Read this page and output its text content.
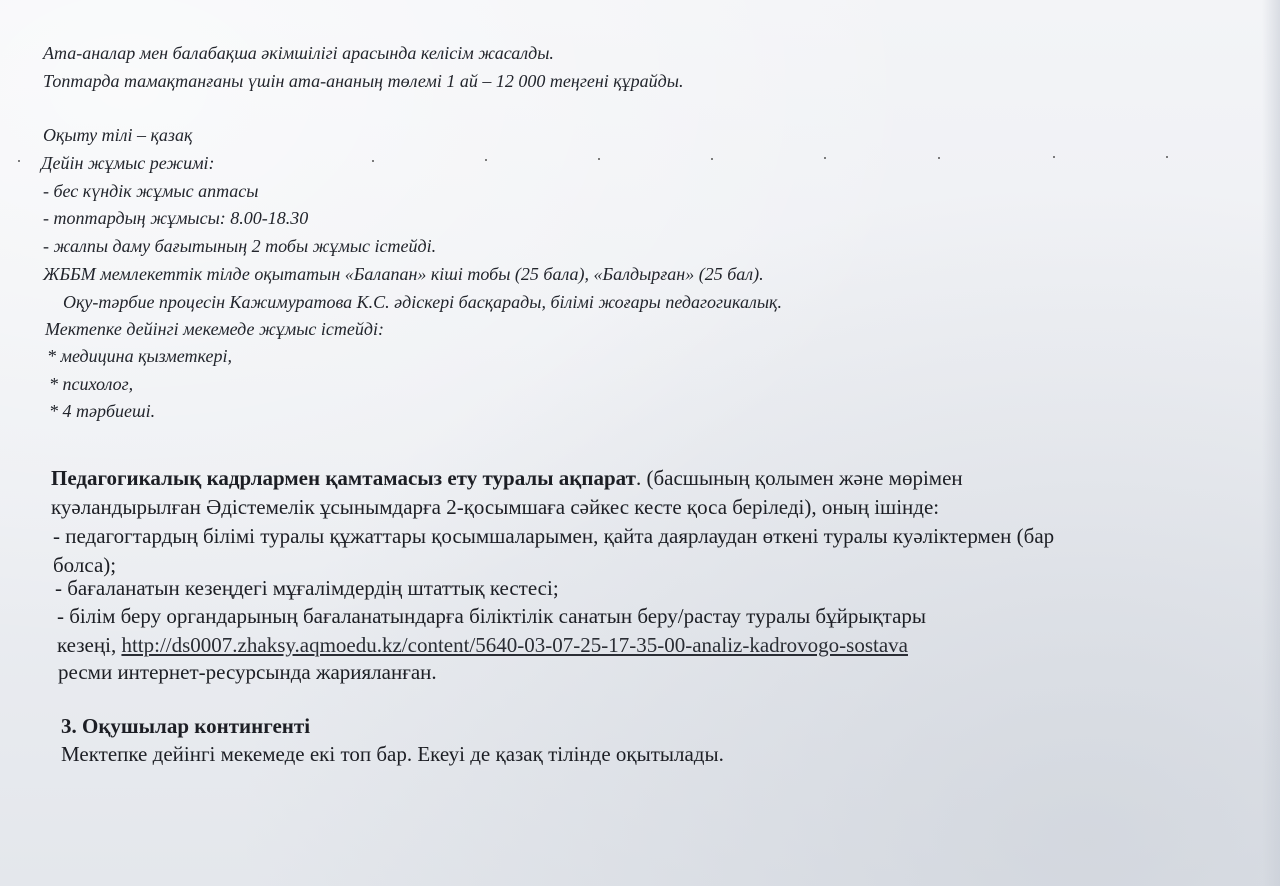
Ата-аналар мен балабақша әкімшілігі арасында келісім жасалды.
Топтарда тамақтанғаны үшін ата-ананың төлемі 1 ай – 12 000 теңгені құрайды.
Оқыту тілі – қазақ
Дейін жұмыс режимі:
- бес күндік жұмыс аптасы
- топтардың жұмысы: 8.00-18.30
- жалпы даму бағытының 2 тобы жұмыс істейді.
ЖББМ мемлекеттік тілде оқытатын «Балапан» кіші тобы (25 бала), «Балдырған» (25 бал).
Оқу-тәрбие процесін Кажимуратова К.С. әдіскері басқарады, білімі жоғары педагогикалық.
Мектепке дейінгі мекемеде жұмыс істейді:
* медицина қызметкері,
* психолог,
* 4 тәрбиеші.
Педагогикалық кадрлармен қамтамасыз ету туралы ақпарат. (басшының қолымен және мөрімен
куәландырылған Әдістемелік ұсынымдарға 2-қосымшаға сәйкес кесте қоса беріледі), оның ішінде:
- педагогтардың білімі туралы құжаттары қосымшаларымен, қайта даярлаудан өткені туралы куәліктермен (бар
болса);
- бағаланатын кезеңдегі мұғалімдердің штаттық кестесі;
- білім беру органдарының бағаланатындарға біліктілік санатын беру/растау туралы бұйрықтары
кезеңі, http://ds0007.zhaksy.aqmoedu.kz/content/5640-03-07-25-17-35-00-analiz-kadrovogo-sostava
ресми интернет-ресурсында жарияланған.
3. Оқушылар контингенті
Мектепке дейінгі мекемеде екі топ бар. Екеуі де қазақ тілінде оқытылады.
